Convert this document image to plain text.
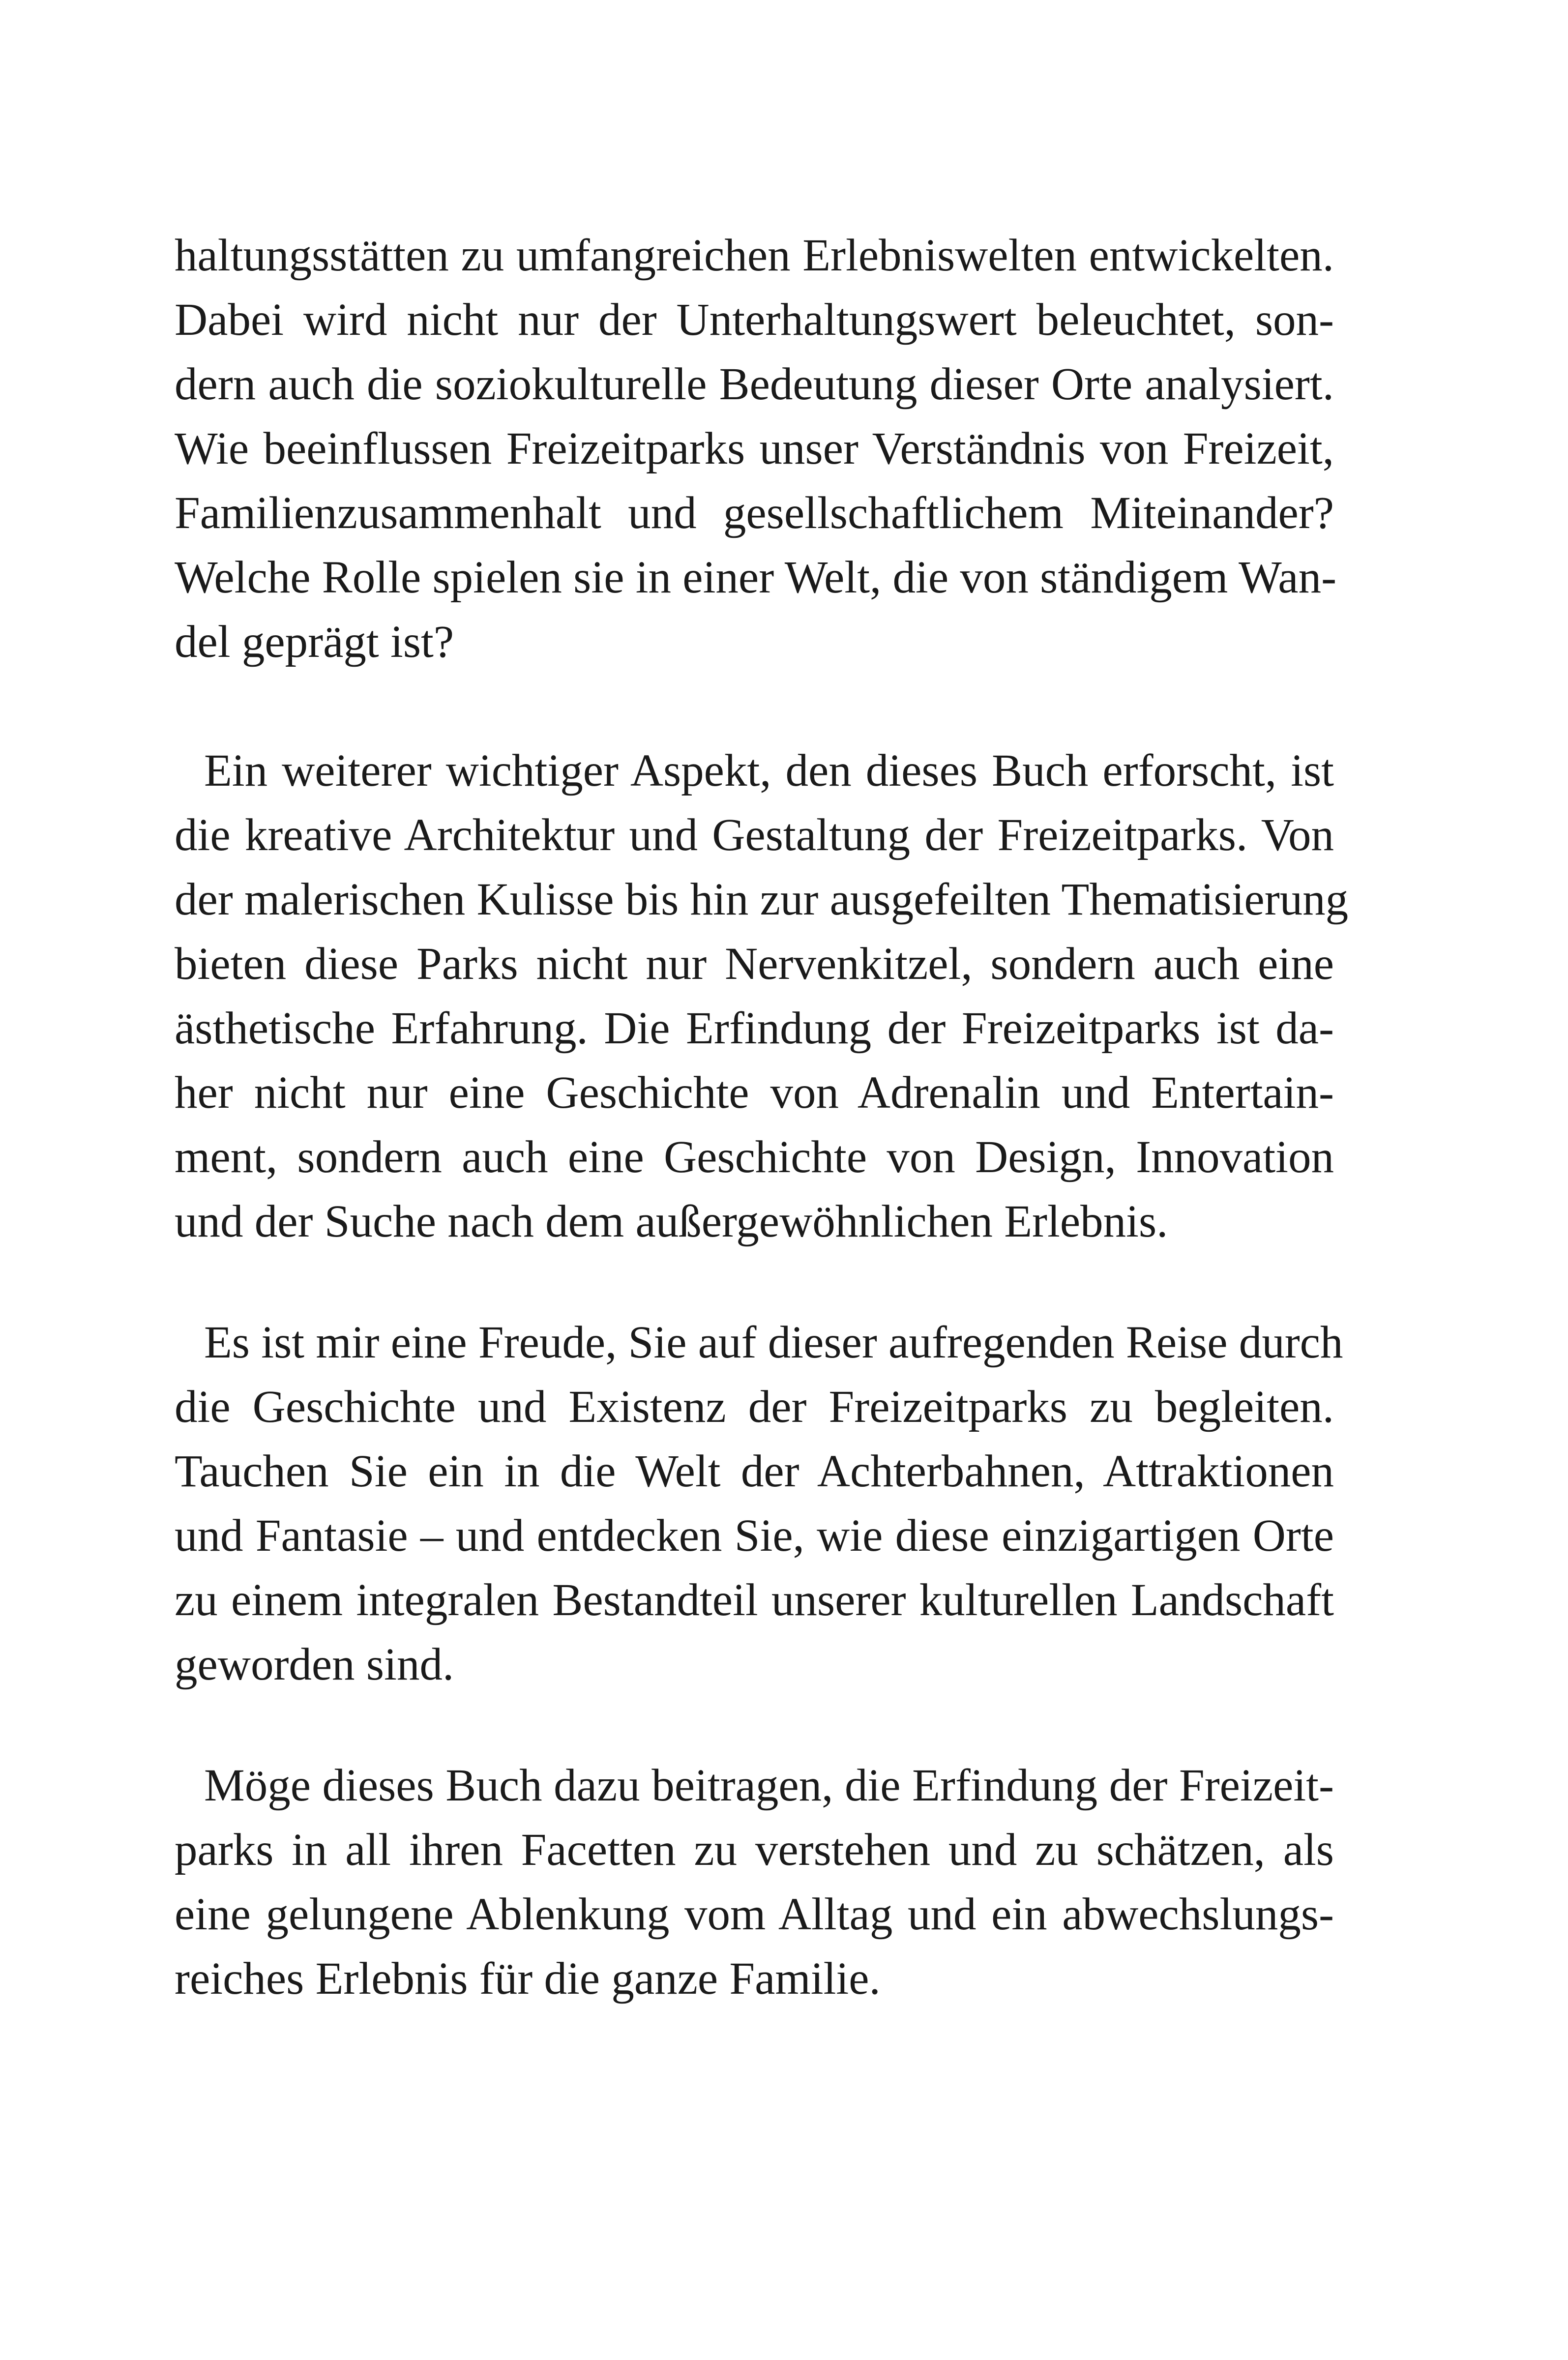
haltungsstätten zu umfangreichen Erlebniswelten entwickelten.
Dabei wird nicht nur der Unterhaltungswert beleuchtet, son-
dern auch die soziokulturelle Bedeutung dieser Orte analysiert.
Wie beeinflussen Freizeitparks unser Verständnis von Freizeit,
Familienzusammenhalt und gesellschaftlichem Miteinander?
Welche Rolle spielen sie in einer Welt, die von ständigem Wan-
del geprägt ist?
Ein weiterer wichtiger Aspekt, den dieses Buch erforscht, ist
die kreative Architektur und Gestaltung der Freizeitparks. Von
der malerischen Kulisse bis hin zur ausgefeilten Thematisierung
bieten diese Parks nicht nur Nervenkitzel, sondern auch eine
ästhetische Erfahrung. Die Erfindung der Freizeitparks ist da-
her nicht nur eine Geschichte von Adrenalin und Entertain-
ment, sondern auch eine Geschichte von Design, Innovation
und der Suche nach dem außergewöhnlichen Erlebnis.
Es ist mir eine Freude, Sie auf dieser aufregenden Reise durch
die Geschichte und Existenz der Freizeitparks zu begleiten.
Tauchen Sie ein in die Welt der Achterbahnen, Attraktionen
und Fantasie – und entdecken Sie, wie diese einzigartigen Orte
zu einem integralen Bestandteil unserer kulturellen Landschaft
geworden sind.
Möge dieses Buch dazu beitragen, die Erfindung der Freizeit-
parks in all ihren Facetten zu verstehen und zu schätzen, als
eine gelungene Ablenkung vom Alltag und ein abwechslungs-
reiches Erlebnis für die ganze Familie.
